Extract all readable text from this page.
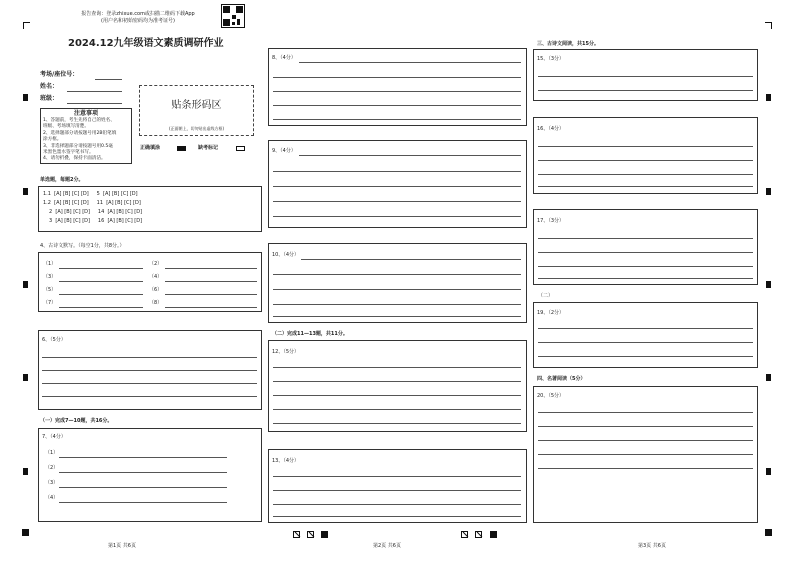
报告查询：登录zhixue.com或扫描二维码下载App
(用户名和初始密码均为准考证号)
2024.12九年级语文素质调研作业
考场/座位号：
姓名：
班级：
贴条形码区
(正面朝上，切勿贴出虚线方框)
注意事项
1、答题前，考生先将自己的姓名、
班级、考场填写清楚。
2、选择题部分请按题号用2B铅笔填
涂方框。
3、非选择题部分请按题号用0.5毫
米黑色墨水签字笔书写。
4、请勿折叠，保持卡面清洁。
正确填涂	缺考标记
单选题，每题2分。
1.1 [A] [B] [C] [D] 5 [A] [B] [C] [D]
1.2 [A] [B] [C] [D] 11 [A] [B] [C] [D]
2 [A] [B] [C] [D] 14 [A] [B] [C] [D]
3 [A] [B] [C] [D] 16 [A] [B] [C] [D]
4、古诗文默写。（每空1分，共8分。）
（1）	（2）
（3）	（4）
（5）	（6）
（7）	（8）
6、（5分）
（一）完成7—10题，共16分。
7、（4分）
（1）
（2）
（3）
（4）
8、（4分）
9、（4分）
10、（4分）
（二）完成11—13题，共11分。
12、（5分）
13、（4分）
三、古诗文阅读，共15分。
15、（3分）
16、（4分）
17、（3分）
（二）
19、（2分）
四、名著阅读（5分）
20、（5分）
第1页 共6页	第2页 共6页	第3页 共6页
